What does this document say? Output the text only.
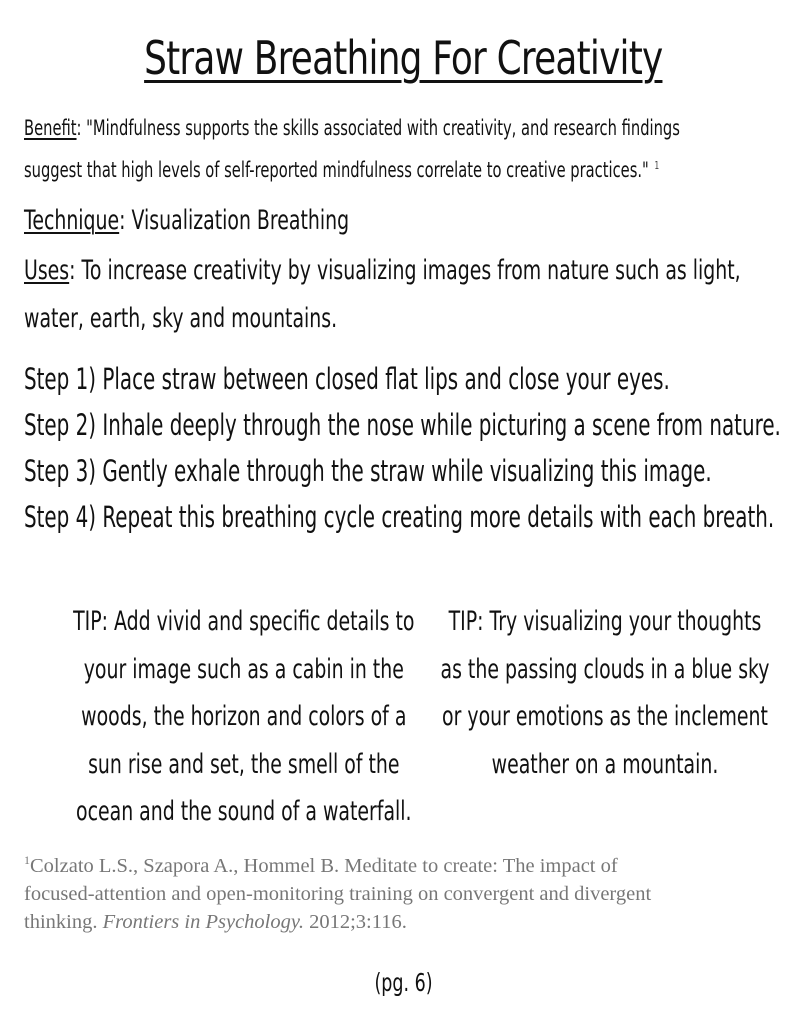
Straw Breathing For Creativity
Benefit: "Mindfulness supports the skills associated with creativity, and research findings
suggest that high levels of self-reported mindfulness correlate to creative practices." $^1$
Technique: Visualization Breathing
Uses: To increase creativity by visualizing images from nature such as light,
water, earth, sky and mountains.
Step 1) Place straw between closed flat lips and close your eyes.
Step 2) Inhale deeply through the nose while picturing a scene from nature.
Step 3) Gently exhale through the straw while visualizing this image.
Step 4) Repeat this breathing cycle creating more details with each breath.
TIP: Add vivid and specific details to
your image such as a cabin in the
woods, the horizon and colors of a
sun rise and set, the smell of the
ocean and the sound of a waterfall.
TIP: Try visualizing your thoughts
as the passing clouds in a blue sky
or your emotions as the inclement
weather on a mountain.
$^1$Colzato L.S., Szapora A., Hommel B. Meditate to create: The impact of
focused-attention and open-monitoring training on convergent and divergent
thinking. Frontiers in Psychology. 2012;3:116.
(pg. 6)
